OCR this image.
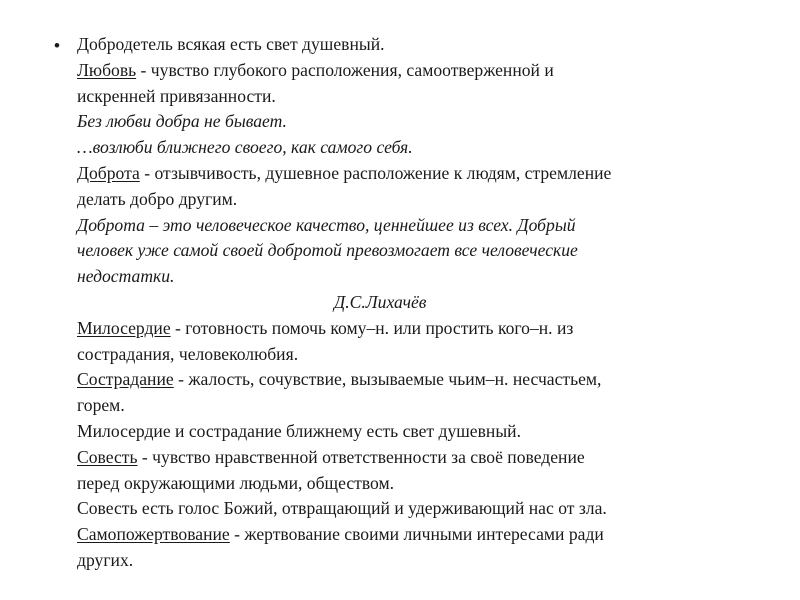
• Добродетель всякая есть свет душевный.
Любовь - чувство глубокого расположения, самоотверженной и
искренней привязанности.
Без любви добра не бывает.
…возлюби ближнего своего, как самого себя.
Доброта - отзывчивость, душевное расположение к людям, стремление
делать добро другим.
Доброта – это человеческое качество, ценнейшее из всех. Добрый
человек уже самой своей добротой превозмогает все человеческие
недостатки.
Д.С.Лихачёв
Милосердие - готовность помочь кому–н. или простить кого–н. из
сострадания, человеколюбия.
Сострадание - жалость, сочувствие, вызываемые чьим–н. несчастьем,
горем.
Милосердие и сострадание ближнему есть свет душевный.
Совесть - чувство нравственной ответственности за своё поведение
перед окружающими людьми, обществом.
Совесть есть голос Божий, отвращающий и удерживающий нас от зла.
Самопожертвование - жертвование своими личными интересами ради
других.
